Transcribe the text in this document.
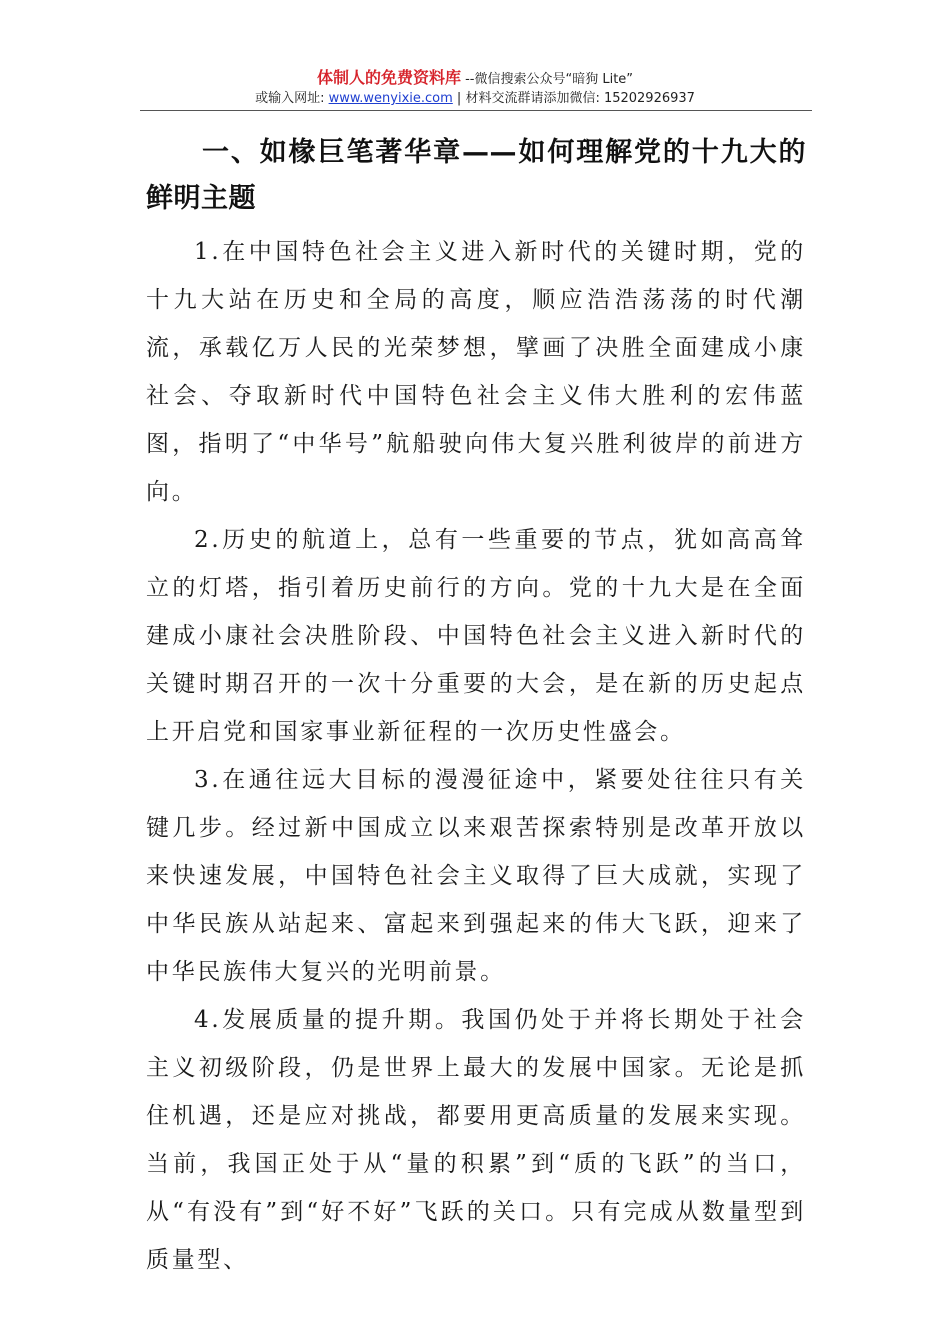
体制人的免费资料库 --微信搜索公众号“暗狗 Lite”
或输入网址: www.wenyixie.com | 材料交流群请添加微信: 15202926937
一、如椽巨笔著华章——如何理解党的十九大的鲜明主题

1.在中国特色社会主义进入新时代的关键时期，党的十九大站在历史和全局的高度，顺应浩浩荡荡的时代潮流，承载亿万人民的光荣梦想，擘画了决胜全面建成小康社会、夺取新时代中国特色社会主义伟大胜利的宏伟蓝图，指明了“中华号”航船驶向伟大复兴胜利彼岸的前进方向。

2.历史的航道上，总有一些重要的节点，犹如高高耸立的灯塔，指引着历史前行的方向。党的十九大是在全面建成小康社会决胜阶段、中国特色社会主义进入新时代的关键时期召开的一次十分重要的大会，是在新的历史起点上开启党和国家事业新征程的一次历史性盛会。

3.在通往远大目标的漫漫征途中，紧要处往往只有关键几步。经过新中国成立以来艰苦探索特别是改革开放以来快速发展，中国特色社会主义取得了巨大成就，实现了中华民族从站起来、富起来到强起来的伟大飞跃，迎来了中华民族伟大复兴的光明前景。

4.发展质量的提升期。我国仍处于并将长期处于社会主义初级阶段，仍是世界上最大的发展中国家。无论是抓住机遇，还是应对挑战，都要用更高质量的发展来实现。当前，我国正处于从“量的积累”到“质的飞跃”的当口，从“有没有”到“好不好”飞跃的关口。只有完成从数量型到质量型、
